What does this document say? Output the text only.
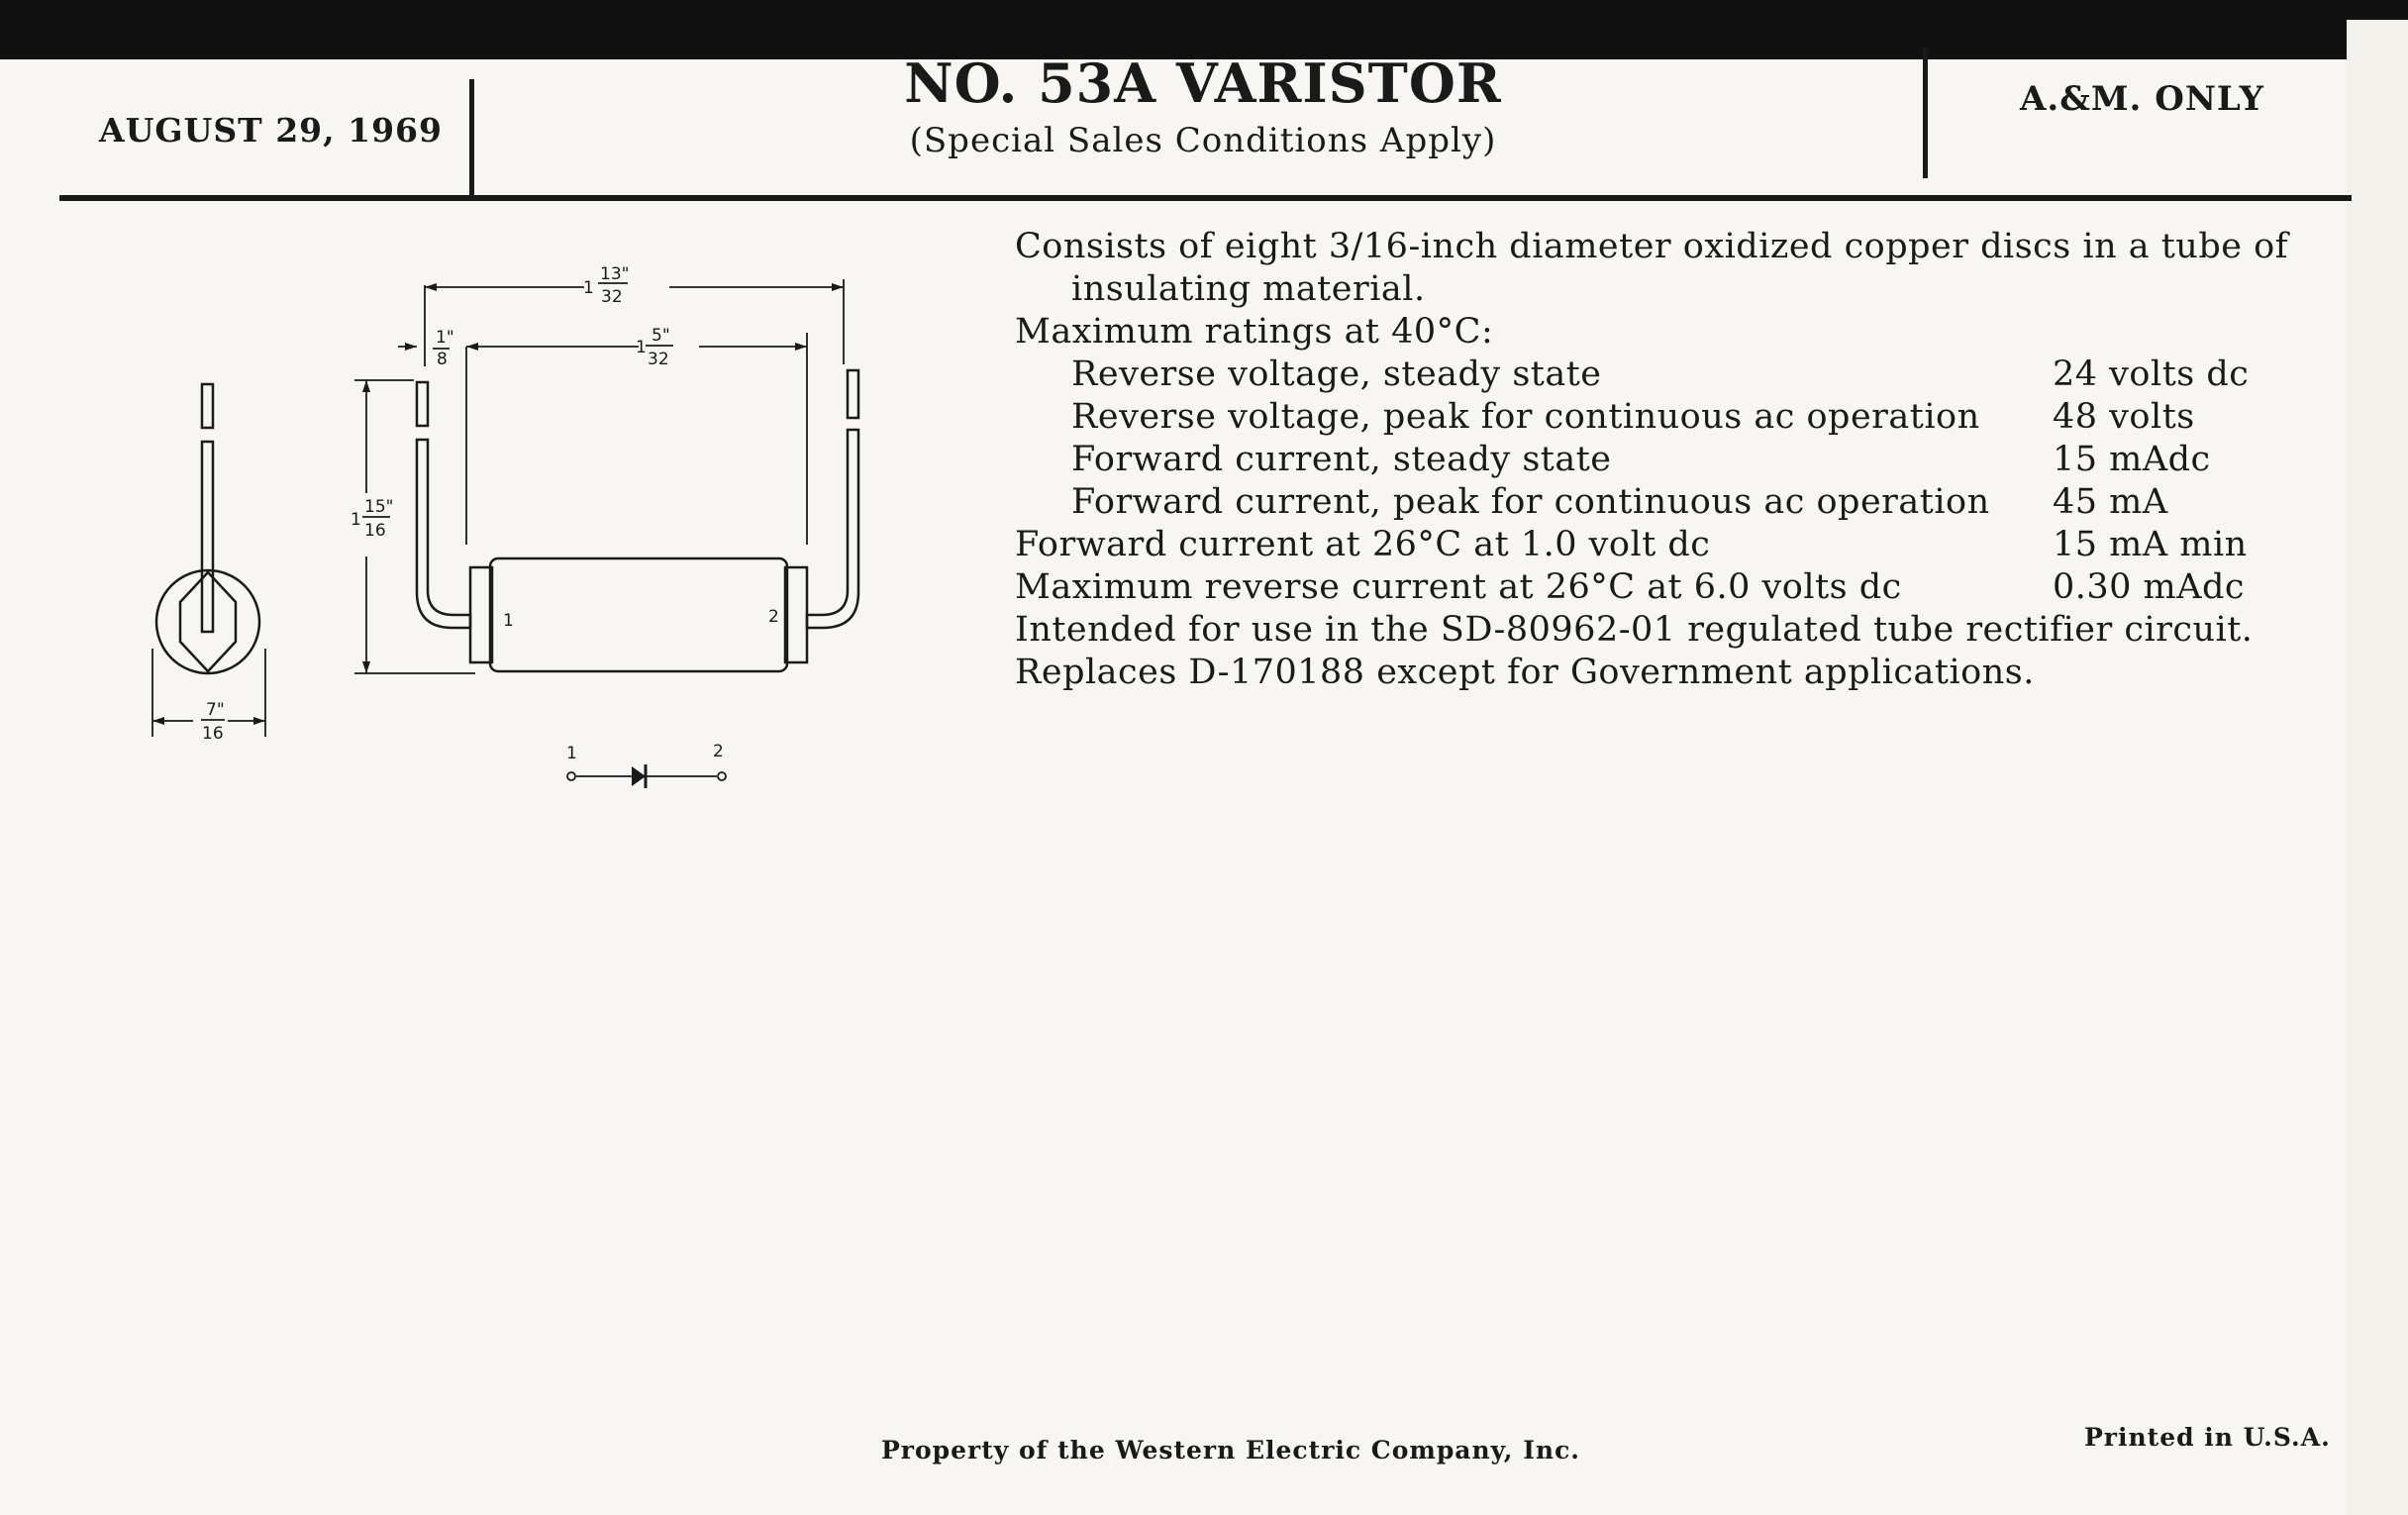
AUGUST 29, 1969
NO. 53A VARISTOR
(Special Sales Conditions Apply)
A.&M. ONLY
1
13"
32
1
5"
32
1"
8
1
15"
16
7"
16
1	2
1	2
Consists of eight 3/16-inch diameter oxidized copper discs in a tube of
insulating material.
Maximum ratings at 40°C:
Reverse voltage, steady state	24 volts dc
Reverse voltage, peak for continuous ac operation 48 volts
Forward current, steady state	15 mAdc
Forward current, peak for continuous ac operation 45 mA
Forward current at 26°C at 1.0 volt dc	15 mA min
Maximum reverse current at 26°C at 6.0 volts dc	0.30 mAdc
Intended for use in the SD-80962-01 regulated tube rectifier circuit.
Replaces D-170188 except for Government applications.
Property of the Western Electric Company, Inc.	Printed in U.S.A.
